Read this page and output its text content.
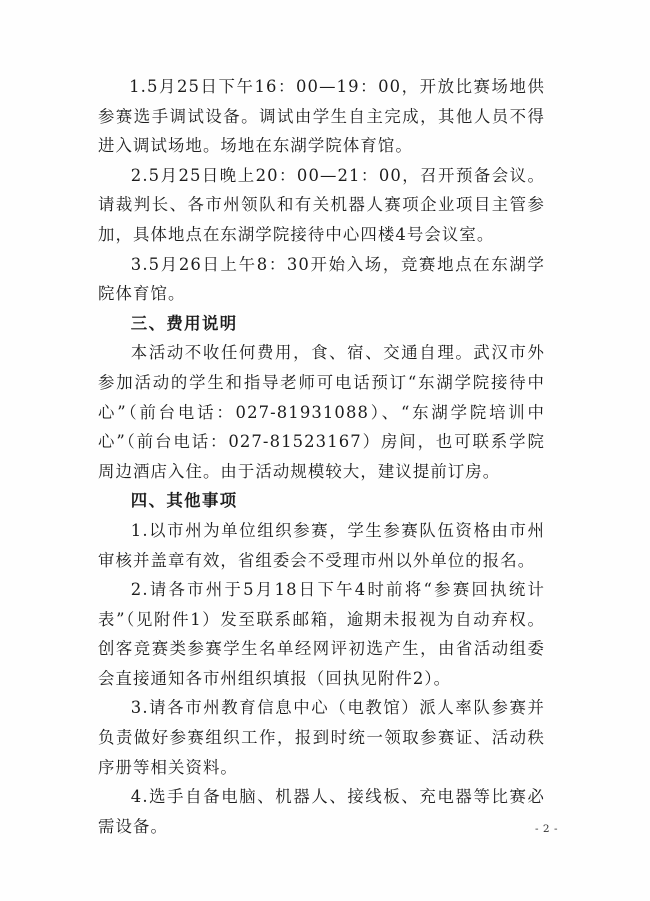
1.5月25日下午16：00—19：00，开放比赛场地供参赛选手调试设备。调试由学生自主完成，其他人员不得进入调试场地。场地在东湖学院体育馆。

2.5月25日晚上20：00—21：00，召开预备会议。请裁判长、各市州领队和有关机器人赛项企业项目主管参加，具体地点在东湖学院接待中心四楼4号会议室。

3.5月26日上午8：30开始入场，竞赛地点在东湖学院体育馆。

三、费用说明

本活动不收任何费用，食、宿、交通自理。武汉市外参加活动的学生和指导老师可电话预订“东湖学院接待中心”（前台电话：027-81931088）、“东湖学院培训中心”（前台电话：027-81523167）房间，也可联系学院周边酒店入住。由于活动规模较大，建议提前订房。

四、其他事项

1.以市州为单位组织参赛，学生参赛队伍资格由市州审核并盖章有效，省组委会不受理市州以外单位的报名。

2.请各市州于5月18日下午4时前将“参赛回执统计表”（见附件1）发至联系邮箱，逾期未报视为自动弃权。创客竞赛类参赛学生名单经网评初选产生，由省活动组委会直接通知各市州组织填报（回执见附件2）。

3.请各市州教育信息中心（电教馆）派人率队参赛并负责做好参赛组织工作，报到时统一领取参赛证、活动秩序册等相关资料。

4.选手自备电脑、机器人、接线板、充电器等比赛必需设备。	- 2 -
